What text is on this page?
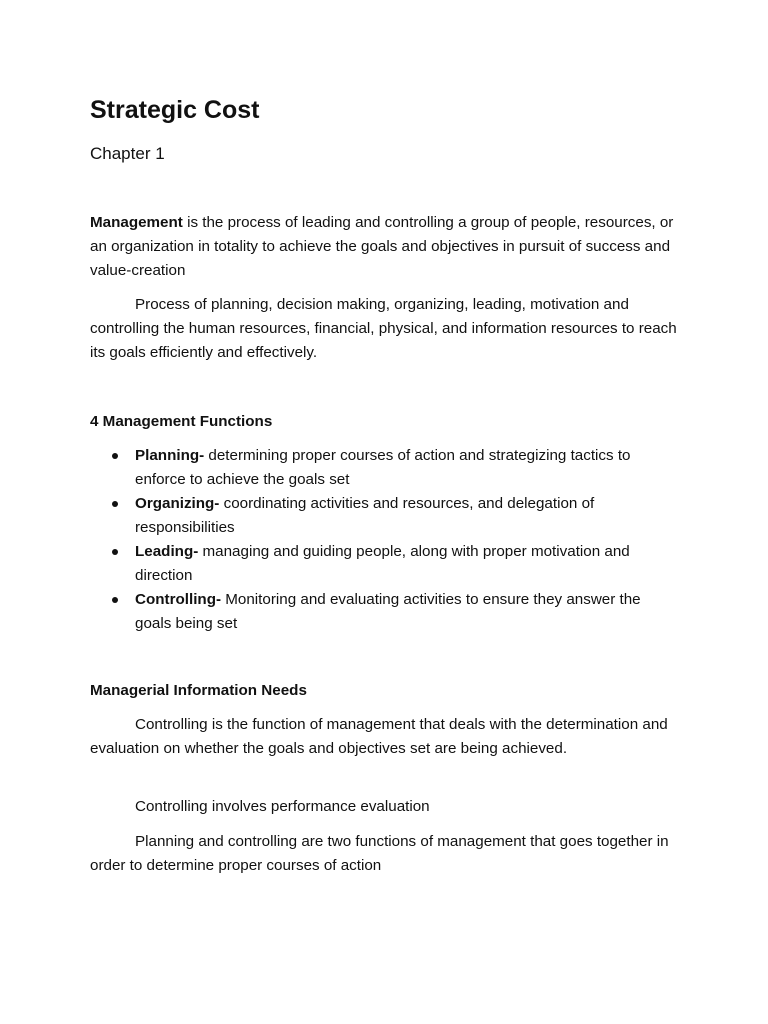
Strategic Cost

Chapter 1

Management is the process of leading and controlling a group of people, resources, or an organization in totality to achieve the goals and objectives in pursuit of success and value-creation

Process of planning, decision making, organizing, leading, motivation and controlling the human resources, financial, physical, and information resources to reach its goals efficiently and effectively.

4 Management Functions

Planning- determining proper courses of action and strategizing tactics to enforce to achieve the goals set
Organizing- coordinating activities and resources, and delegation of responsibilities
Leading- managing and guiding people, along with proper motivation and direction
Controlling- Monitoring and evaluating activities to ensure they answer the goals being set

Managerial Information Needs

Controlling is the function of management that deals with the determination and evaluation on whether the goals and objectives set are being achieved.

Controlling involves performance evaluation

Planning and controlling are two functions of management that goes together in order to determine proper courses of action
